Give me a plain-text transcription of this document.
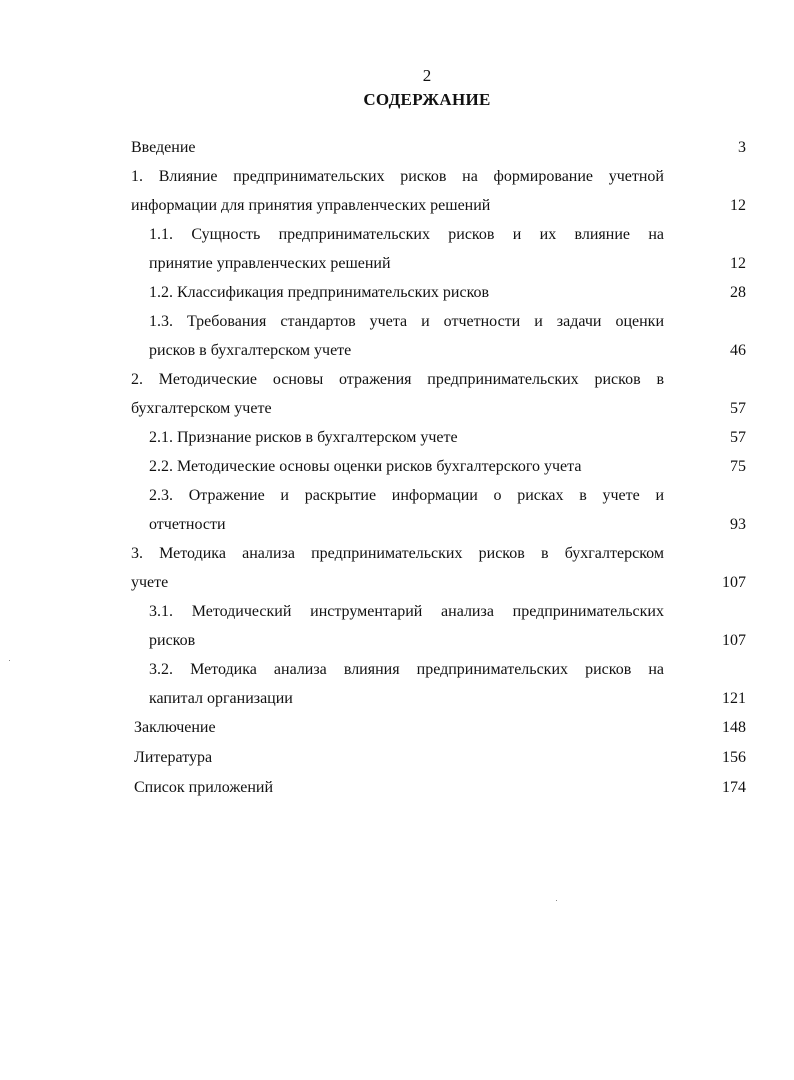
2
СОДЕРЖАНИЕ
Введение	3
1. Влияние предпринимательских рисков на формирование учетной
информации для принятия управленческих решений	12
1.1. Сущность предпринимательских рисков и их влияние на
принятие управленческих решений	12
1.2. Классификация предпринимательских рисков	28
1.3. Требования стандартов учета и отчетности и задачи оценки
рисков в бухгалтерском учете	46
2. Методические основы отражения предпринимательских рисков в
бухгалтерском учете	57
2.1. Признание рисков в бухгалтерском учете	57
2.2. Методические основы оценки рисков бухгалтерского учета	75
2.3. Отражение и раскрытие информации о рисках в учете и
отчетности	93
3. Методика анализа предпринимательских рисков в бухгалтерском
учете	107
3.1. Методический инструментарий анализа предпринимательских
рисков	107
3.2. Методика анализа влияния предпринимательских рисков на
капитал организации	121
Заключение	148
Литература	156
Список приложений	174
